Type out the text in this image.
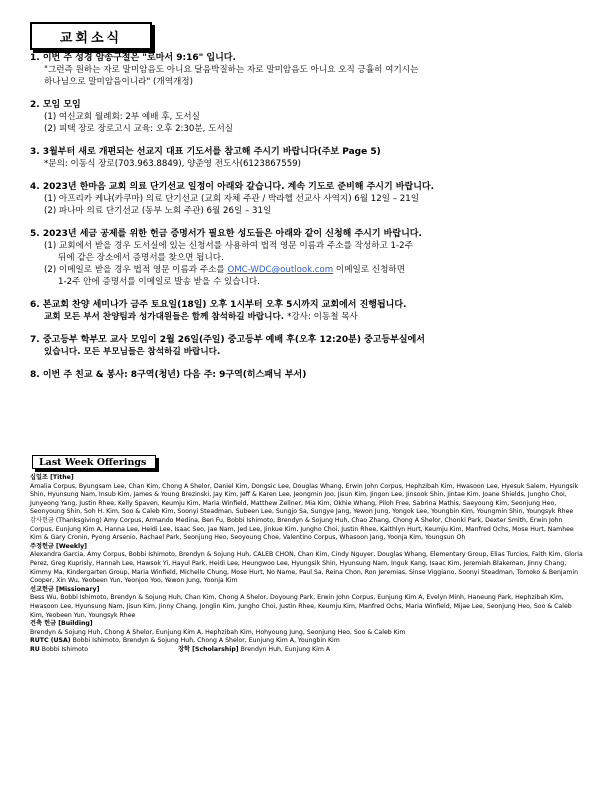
교회소식
1. 이번 주 성경 암송구절은 "로마서 9:16" 입니다.
"그런즉 원하는 자로 말미암음도 아니요 달음박질하는 자로 말미암음도 아니요 오직 긍휼히 여기시는
하나님으로 말미암음이니라" (개역개정)
2. 모임 모임
(1) 여신교회 월례회: 2부 예배 후, 도서실
(2) 피택 장로 장로고시 교육: 오후 2:30분, 도서실
3. 3월부터 새로 개편되는 선교지 대표 기도서를 참고해 주시기 바랍니다(주보 Page 5)
*문의: 이동식 장로(703.963.8849), 양준영 전도사(6123867559)
4. 2023년 한마음 교회 의료 단기선교 일정이 아래와 같습니다. 계속 기도로 준비해 주시기 바랍니다.
(1) 아프리카 케냐(카쿠마) 의료 단기선교 (교회 자체 주관 / 박라헬 선교사 사역지) 6월 12일 – 21일
(2) 파나마 의료 단기선교 (동부 노회 주관) 6월 26일 – 31일
5. 2023년 세금 공제를 위한 헌금 증명서가 필요한 성도들은 아래와 같이 신청해 주시기 바랍니다.
(1) 교회에서 받을 경우 도서실에 있는 신청서를 사용하여 법적 영문 이름과 주소를 작성하고 1-2주
뒤에 같은 장소에서 증명서를 찾으면 됩니다.
(2) 이메일로 받을 경우 법적 영문 이름과 주소를 OMC-WDC@outlook.com 이메일로 신청하면
1-2주 안에 증명서를 이메일로 발송 받을 수 있습니다.
6. 본교회 찬양 세미나가 금주 토요일(18일) 오후 1시부터 오후 5시까지 교회에서 진행됩니다.
교회 모든 부서 찬양팀과 성가대원들은 함께 참석하길 바랍니다. *강사: 이동철 목사
7. 중고등부 학부모 교사 모임이 2월 26일(주일) 중고등부 예배 후(오후 12:20분) 중고등부실에서
있습니다. 모든 부모님들은 참석하길 바랍니다.
8. 이번 주 친교 & 봉사: 8구역(청년) 다음 주: 9구역(히스패닉 부서)
Last Week Offerings
십일조 [Tithe]
Amalia Corpus, Byungsam Lee, Chan Kim, Chong A Shelor, Daniel Kim, Dongsic Lee, Douglas Whang, Erwin John Corpus, Hephzibah Kim, Hwasoon Lee, Hyesuk Salem, Hyungsik Shin, Hyunsung Nam, Insub Kim, James & Young Brezinski, Jay Kim, Jeff & Karen Lee, Jeongmin Joo, Jisun Kim, Jingon Lee, Jinsook Shin, Jintae Kim, Joane Shields, Jungho Choi, Junyeong Yang, Justin Rhee, Kelly Spaven, Keumju Kim, Maria Winfield, Matthew Zellner, Mia Kim, Okhie Whang, Piloh Free, Sabrina Mathis, Saeyoung Kim, Seonjung Heo, Seonyoung Shin, Soh H. Kim, Soo & Caleb Kim, Soonyi Steadman, Subeen Lee, Sungjo Sa, Sungye Jang, Yewon Jung, Yongok Lee, Youngbin Kim, Youngmin Shin, Youngsyk Rhee
감사헌금 (Thanksgiving) Amy Corpus, Armando Medina, Ben Fu, Bobbi Ishimoto, Brendyn & Sojung Huh, Chao Zhang, Chong A Shelor, Chonki Park, Dexter Smith, Erwin John Corpus, Eunjung Kim A, Hanna Lee, Heidi Lee, Isaac Seo, Jae Nam, Jed Lee, Jinkue Kim, Jungho Choi, Justin Rhee, Kaithlyn Hurt, Keumju Kim, Manfred Ochs, Mose Hurt, Namhee Kim & Gary Cronin, Pyong Arsenio, Rachael Park, Seonjung Heo, Seoyoung Choe, Valentino Corpus, Whasoon Jang, Yoonja Kim, Youngsun Oh
주정헌금 [Weekly]
Alexandra Garcia, Amy Corpus, Bobbi Ishimoto, Brendyn & Sojung Huh, CALEB CHON, Chan Kim, Cindy Nguyer, Douglas Whang, Elementary Group, Elias Turcios, Faith Kim, Gloria Perez, Greg Kuprisly, Hannah Lee, Hawsok Yi, Hayul Park, Heidi Lee, Heungwoo Lee, Hyungsik Shin, Hyunsung Nam, Inguk Kang, Isaac Kim, Jeremiah Blakeman, Jinny Chang, Kimmy Ma, Kindergarten Group, Maria Winfield, Michelle Chung, Mose Hurt, No Name, Paul Sa, Reina Chon, Ron Jeremias, Sinse Viggiano, Soonyi Steadman, Tomoko & Benjamin Cooper, Xin Wu, Yeobeen Yun, Yeonjoo Yoo, Yewon Jung, Yoonja Kim
선교헌금 [Missionary]
Bess Wu, Bobbi Ishimoto, Brendyn & Sojung Huh, Chan Kim, Chong A Shelor, Doyoung Park, Erwin John Corpus, Eunjung Kim A, Evelyn Minh, Haneung Park, Hephzibah Kim, Hwasoon Lee, Hyunsung Nam, Jisun Kim, Jinny Chang, Jonglin Kim, Jungho Choi, Justin Rhee, Keumju Kim, Manfred Ochs, Maria Winfield, Mijae Lee, Seonjung Heo, Soo & Caleb Kim, Yeobeen Yun, Youngsyk Rhee
건축 헌금 [Building]
Brendyn & Sojung Huh, Chong A Shelor, Eunjung Kim A, Hephzibah Kim, Hohyoung Jung, Seonjung Heo, Soo & Caleb Kim
RUTC (USA) Bobbi Ishimoto, Brendyn & Sojung Huh, Chong A Shelor, Eunjung Kim A, Youngbin Kim
RU Bobbi Ishimoto	장학 [Scholarship] Brendyn Huh, Eunjung Kim A
